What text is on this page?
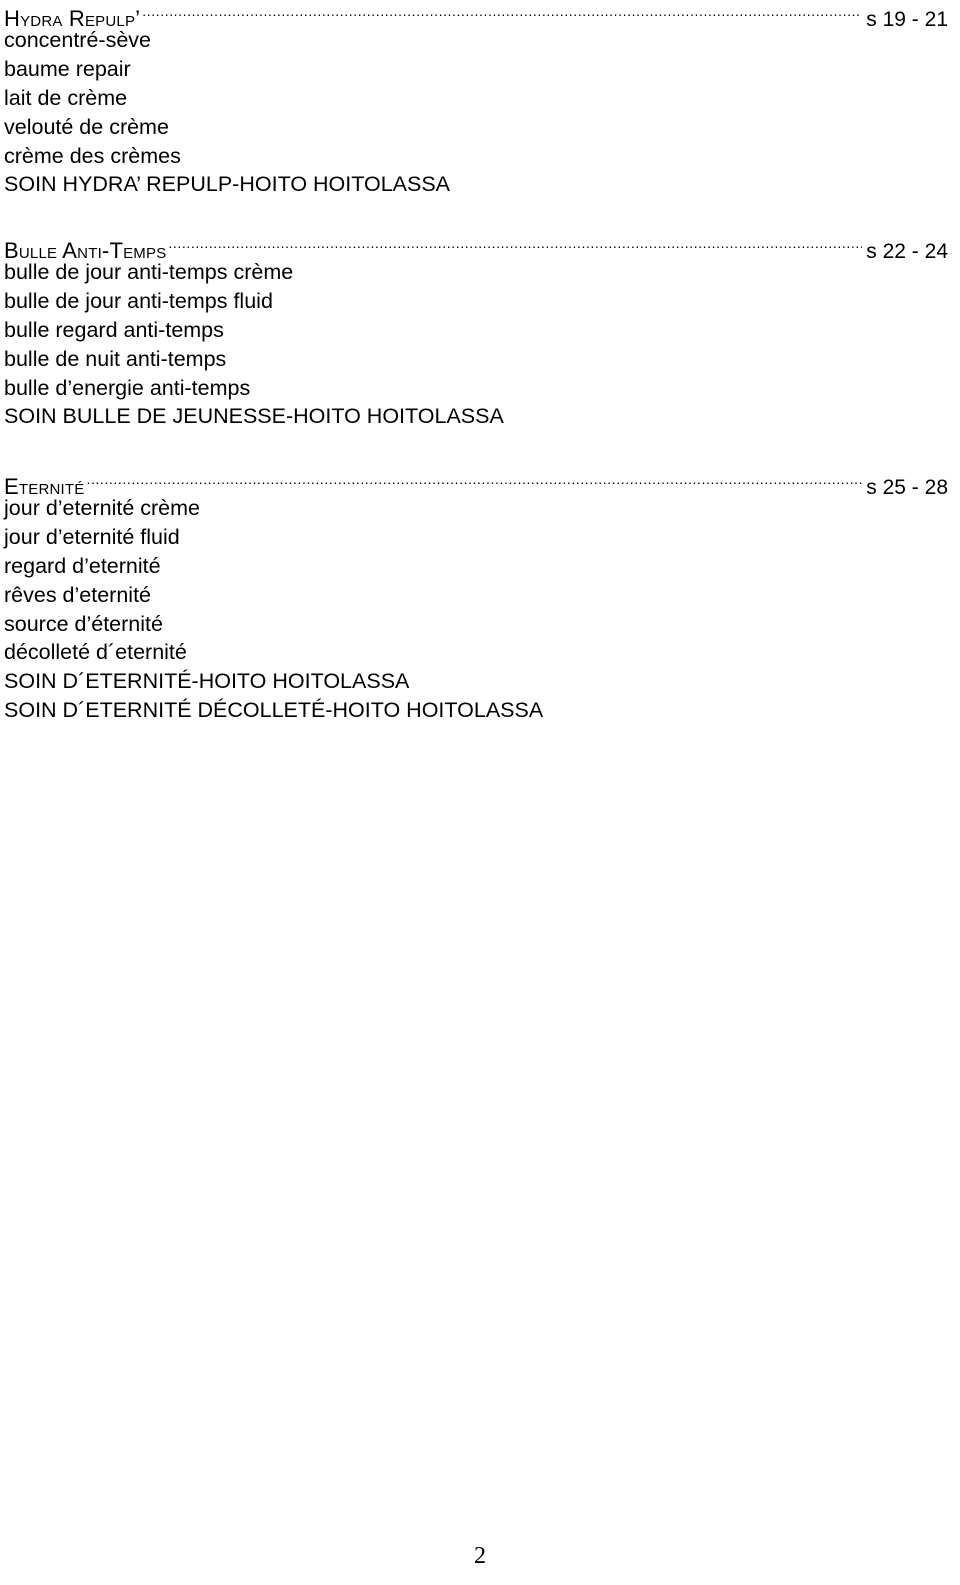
Hydra Repulp’ .....	s 19 - 21
concentré-sève
baume repair
lait de crème
velouté de crème
crème des crèmes
SOIN HYDRA’ REPULP-HOITO HOITOLASSA
Bulle Anti-Temps .....	s 22 - 24
bulle de jour anti-temps crème
bulle de jour anti-temps fluid
bulle regard anti-temps
bulle de nuit anti-temps
bulle d’energie anti-temps
SOIN BULLE DE JEUNESSE-HOITO HOITOLASSA
Eternité .....	s 25 - 28
jour d’eternité crème
jour d’eternité fluid
regard d’eternité
rêves d’eternité
source d’éternité
décolleté d´eternité
SOIN D´ETERNITÉ-HOITO HOITOLASSA
SOIN D´ETERNITÉ DÉCOLLETÉ-HOITO HOITOLASSA
2
